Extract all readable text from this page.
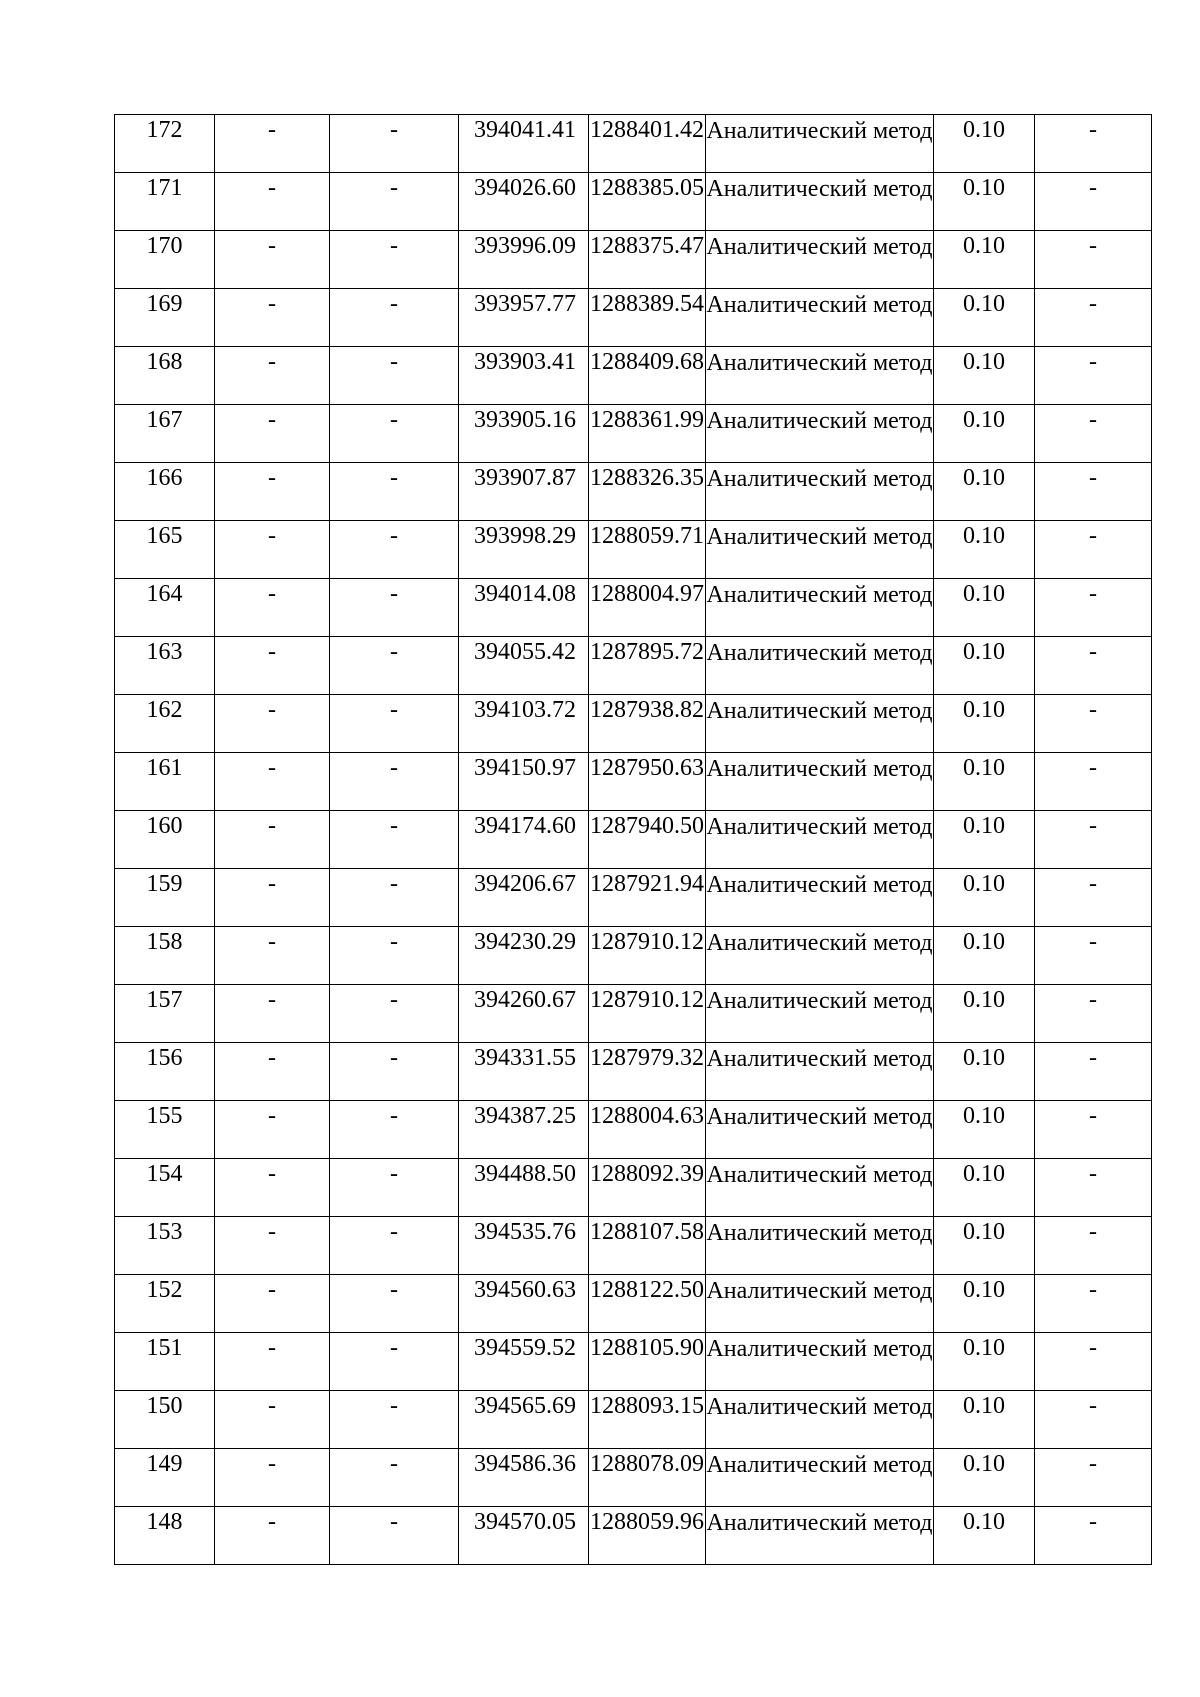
172	-	-	394041.41	1288401.42	Аналитический метод	0.10	-
171	-	-	394026.60	1288385.05	Аналитический метод	0.10	-
170	-	-	393996.09	1288375.47	Аналитический метод	0.10	-
169	-	-	393957.77	1288389.54	Аналитический метод	0.10	-
168	-	-	393903.41	1288409.68	Аналитический метод	0.10	-
167	-	-	393905.16	1288361.99	Аналитический метод	0.10	-
166	-	-	393907.87	1288326.35	Аналитический метод	0.10	-
165	-	-	393998.29	1288059.71	Аналитический метод	0.10	-
164	-	-	394014.08	1288004.97	Аналитический метод	0.10	-
163	-	-	394055.42	1287895.72	Аналитический метод	0.10	-
162	-	-	394103.72	1287938.82	Аналитический метод	0.10	-
161	-	-	394150.97	1287950.63	Аналитический метод	0.10	-
160	-	-	394174.60	1287940.50	Аналитический метод	0.10	-
159	-	-	394206.67	1287921.94	Аналитический метод	0.10	-
158	-	-	394230.29	1287910.12	Аналитический метод	0.10	-
157	-	-	394260.67	1287910.12	Аналитический метод	0.10	-
156	-	-	394331.55	1287979.32	Аналитический метод	0.10	-
155	-	-	394387.25	1288004.63	Аналитический метод	0.10	-
154	-	-	394488.50	1288092.39	Аналитический метод	0.10	-
153	-	-	394535.76	1288107.58	Аналитический метод	0.10	-
152	-	-	394560.63	1288122.50	Аналитический метод	0.10	-
151	-	-	394559.52	1288105.90	Аналитический метод	0.10	-
150	-	-	394565.69	1288093.15	Аналитический метод	0.10	-
149	-	-	394586.36	1288078.09	Аналитический метод	0.10	-
148	-	-	394570.05	1288059.96	Аналитический метод	0.10	-
